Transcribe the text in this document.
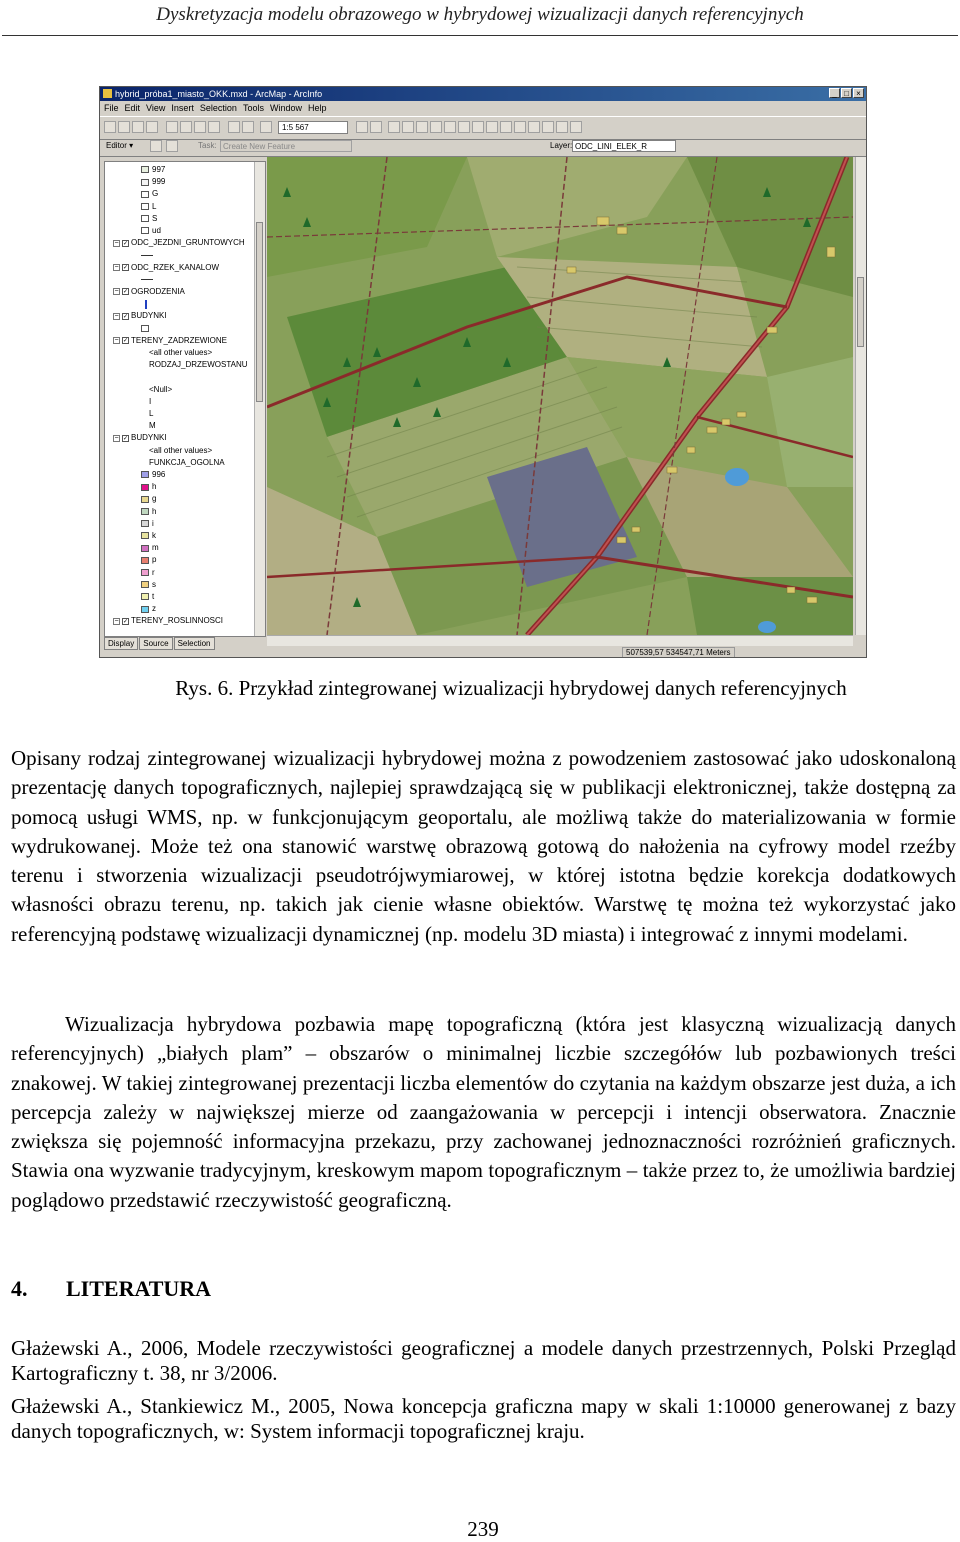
Dyskretyzacja modelu obrazowego w hybrydowej wizualizacji danych referencyjnych
hybrid_próba1_miasto_OKK.mxd - ArcMap - ArcInfo	_ □ ×
File Edit View Insert Selection Tools Window Help
1:5 567
Editor ▾	Task: Create New Feature	Layer: ODC_LINI_ELEK_R
997
999
G
L
S
ud
− ✓ ODC_JEZDNI_GRUNTOWYCH
− ✓ ODC_RZEK_KANALOW
− ✓ OGRODZENIA
− ✓ BUDYNKI
− ✓ TERENY_ZADRZEWIONE
<all other values>
RODZAJ_DRZEWOSTANU
<Null>
I
L
M
− ✓ BUDYNKI
<all other values>
FUNKCJA_OGOLNA
996
h
g
h
i
k
m
p
r
s
t
z
− ✓ TERENY_ROSLINNOSCI
Display	Source	Selection
507539,57 534547,71 Meters
Rys. 6. Przykład zintegrowanej wizualizacji hybrydowej danych referencyjnych
Opisany rodzaj zintegrowanej wizualizacji hybrydowej można z powodzeniem zastosować jako udoskonaloną prezentację danych topograficznych, najlepiej sprawdzającą się w publikacji elektronicznej, także dostępną za pomocą usługi WMS, np. w funkcjonującym geoportalu, ale możliwą także do materializowania w formie wydrukowanej. Może też ona stanowić warstwę obrazową gotową do nałożenia na cyfrowy model rzeźby terenu i stworzenia wizualizacji pseudotrójwymiarowej, w której istotna będzie korekcja dodatkowych własności obrazu terenu, np. takich jak cienie własne obiektów. Warstwę tę można też wykorzystać jako referencyjną podstawę wizualizacji dynamicznej (np. modelu 3D miasta) i integrować z innymi modelami.
Wizualizacja hybrydowa pozbawia mapę topograficzną (która jest klasyczną wizualizacją danych referencyjnych) „białych plam” – obszarów o minimalnej liczbie szczegółów lub pozbawionych treści znakowej. W takiej zintegrowanej prezentacji liczba elementów do czytania na każdym obszarze jest duża, a ich percepcja zależy w największej mierze od zaangażowania w percepcji i intencji obserwatora. Znacznie zwiększa się pojemność informacyjna przekazu, przy zachowanej jednoznaczności rozróżnień graficznych. Stawia ona wyzwanie tradycyjnym, kreskowym mapom topograficznym – także przez to, że umożliwia bardziej poglądowo przedstawić rzeczywistość geograficzną.
4. LITERATURA
Głażewski A., 2006, Modele rzeczywistości geograficznej a modele danych przestrzennych, Polski Przegląd Kartograficzny t. 38, nr 3/2006.
Głażewski A., Stankiewicz M., 2005, Nowa koncepcja graficzna mapy w skali 1:10000 generowanej z bazy danych topograficznych, w: System informacji topograficznej kraju.
239
